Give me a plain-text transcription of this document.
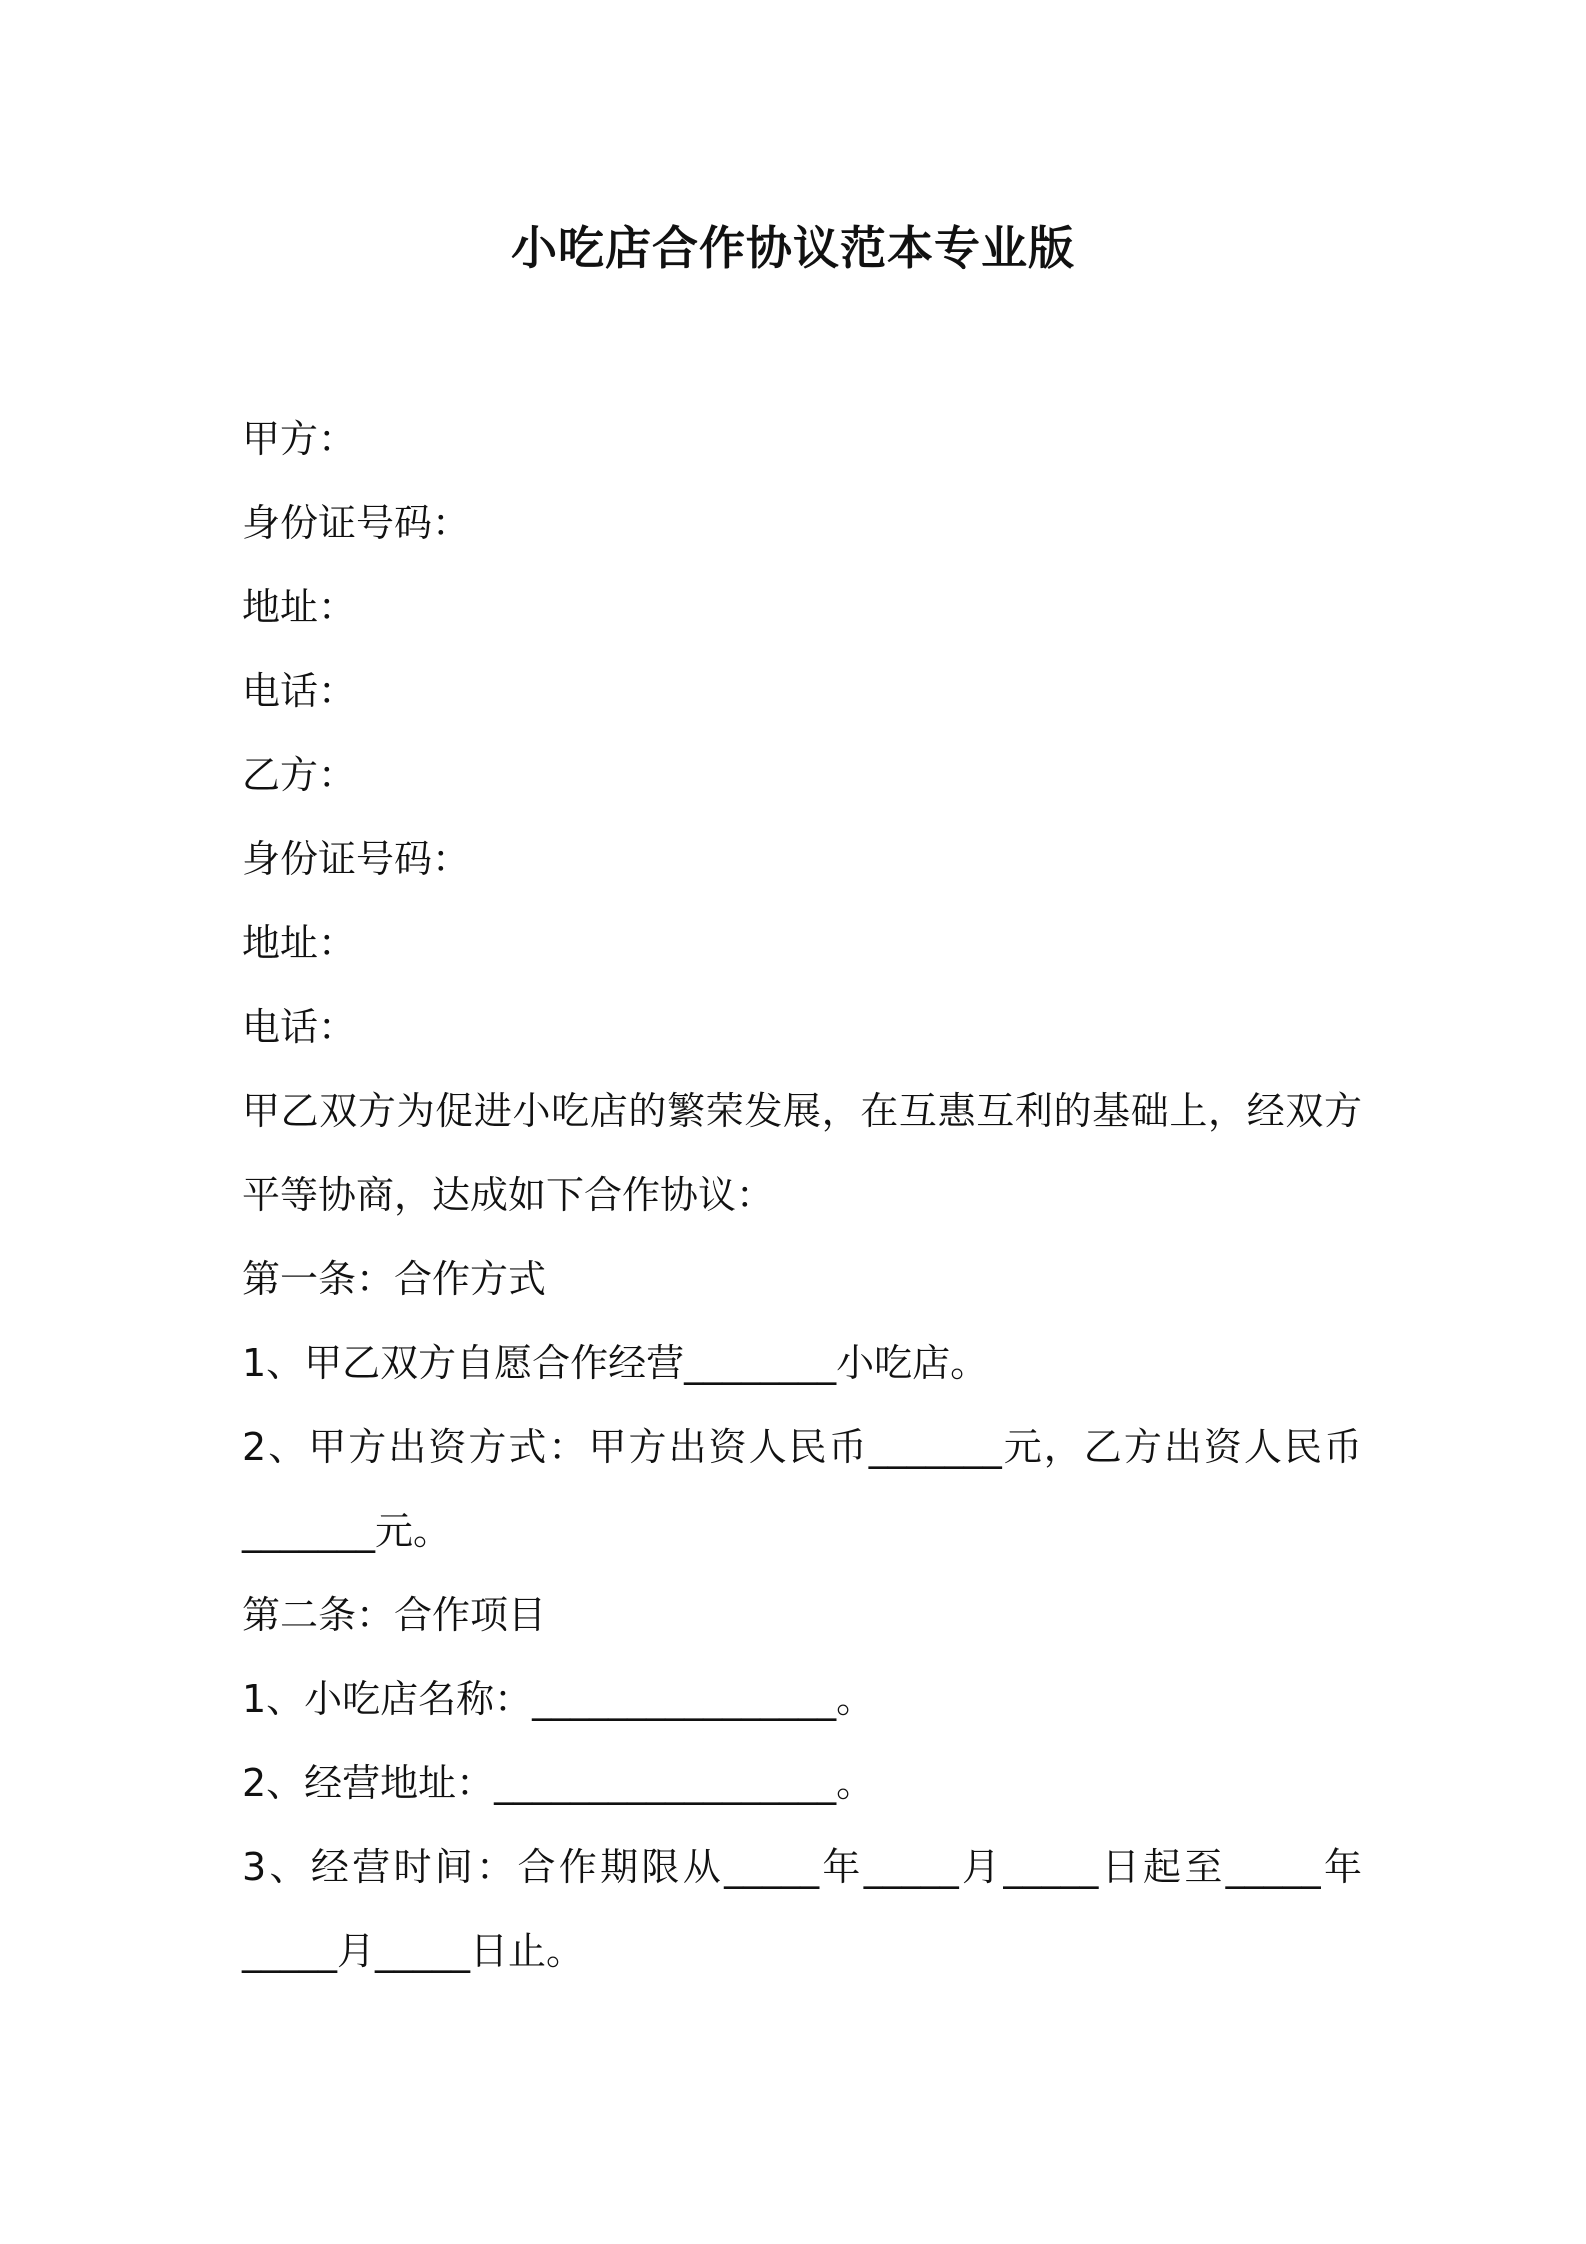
小吃店合作协议范本专业版

甲方：

身份证号码：

地址：

电话：

乙方：

身份证号码：

地址：

电话：

甲乙双方为促进小吃店的繁荣发展，在互惠互利的基础上，经双方平等协商，达成如下合作协议：

第一条：合作方式

1、甲乙双方自愿合作经营________小吃店。

2、甲方出资方式：甲方出资人民币_______元，乙方出资人民币_______元。

第二条：合作项目

1、小吃店名称：________________。

2、经营地址：__________________。

3、经营时间：合作期限从_____年_____月_____日起至_____年_____月_____日止。
